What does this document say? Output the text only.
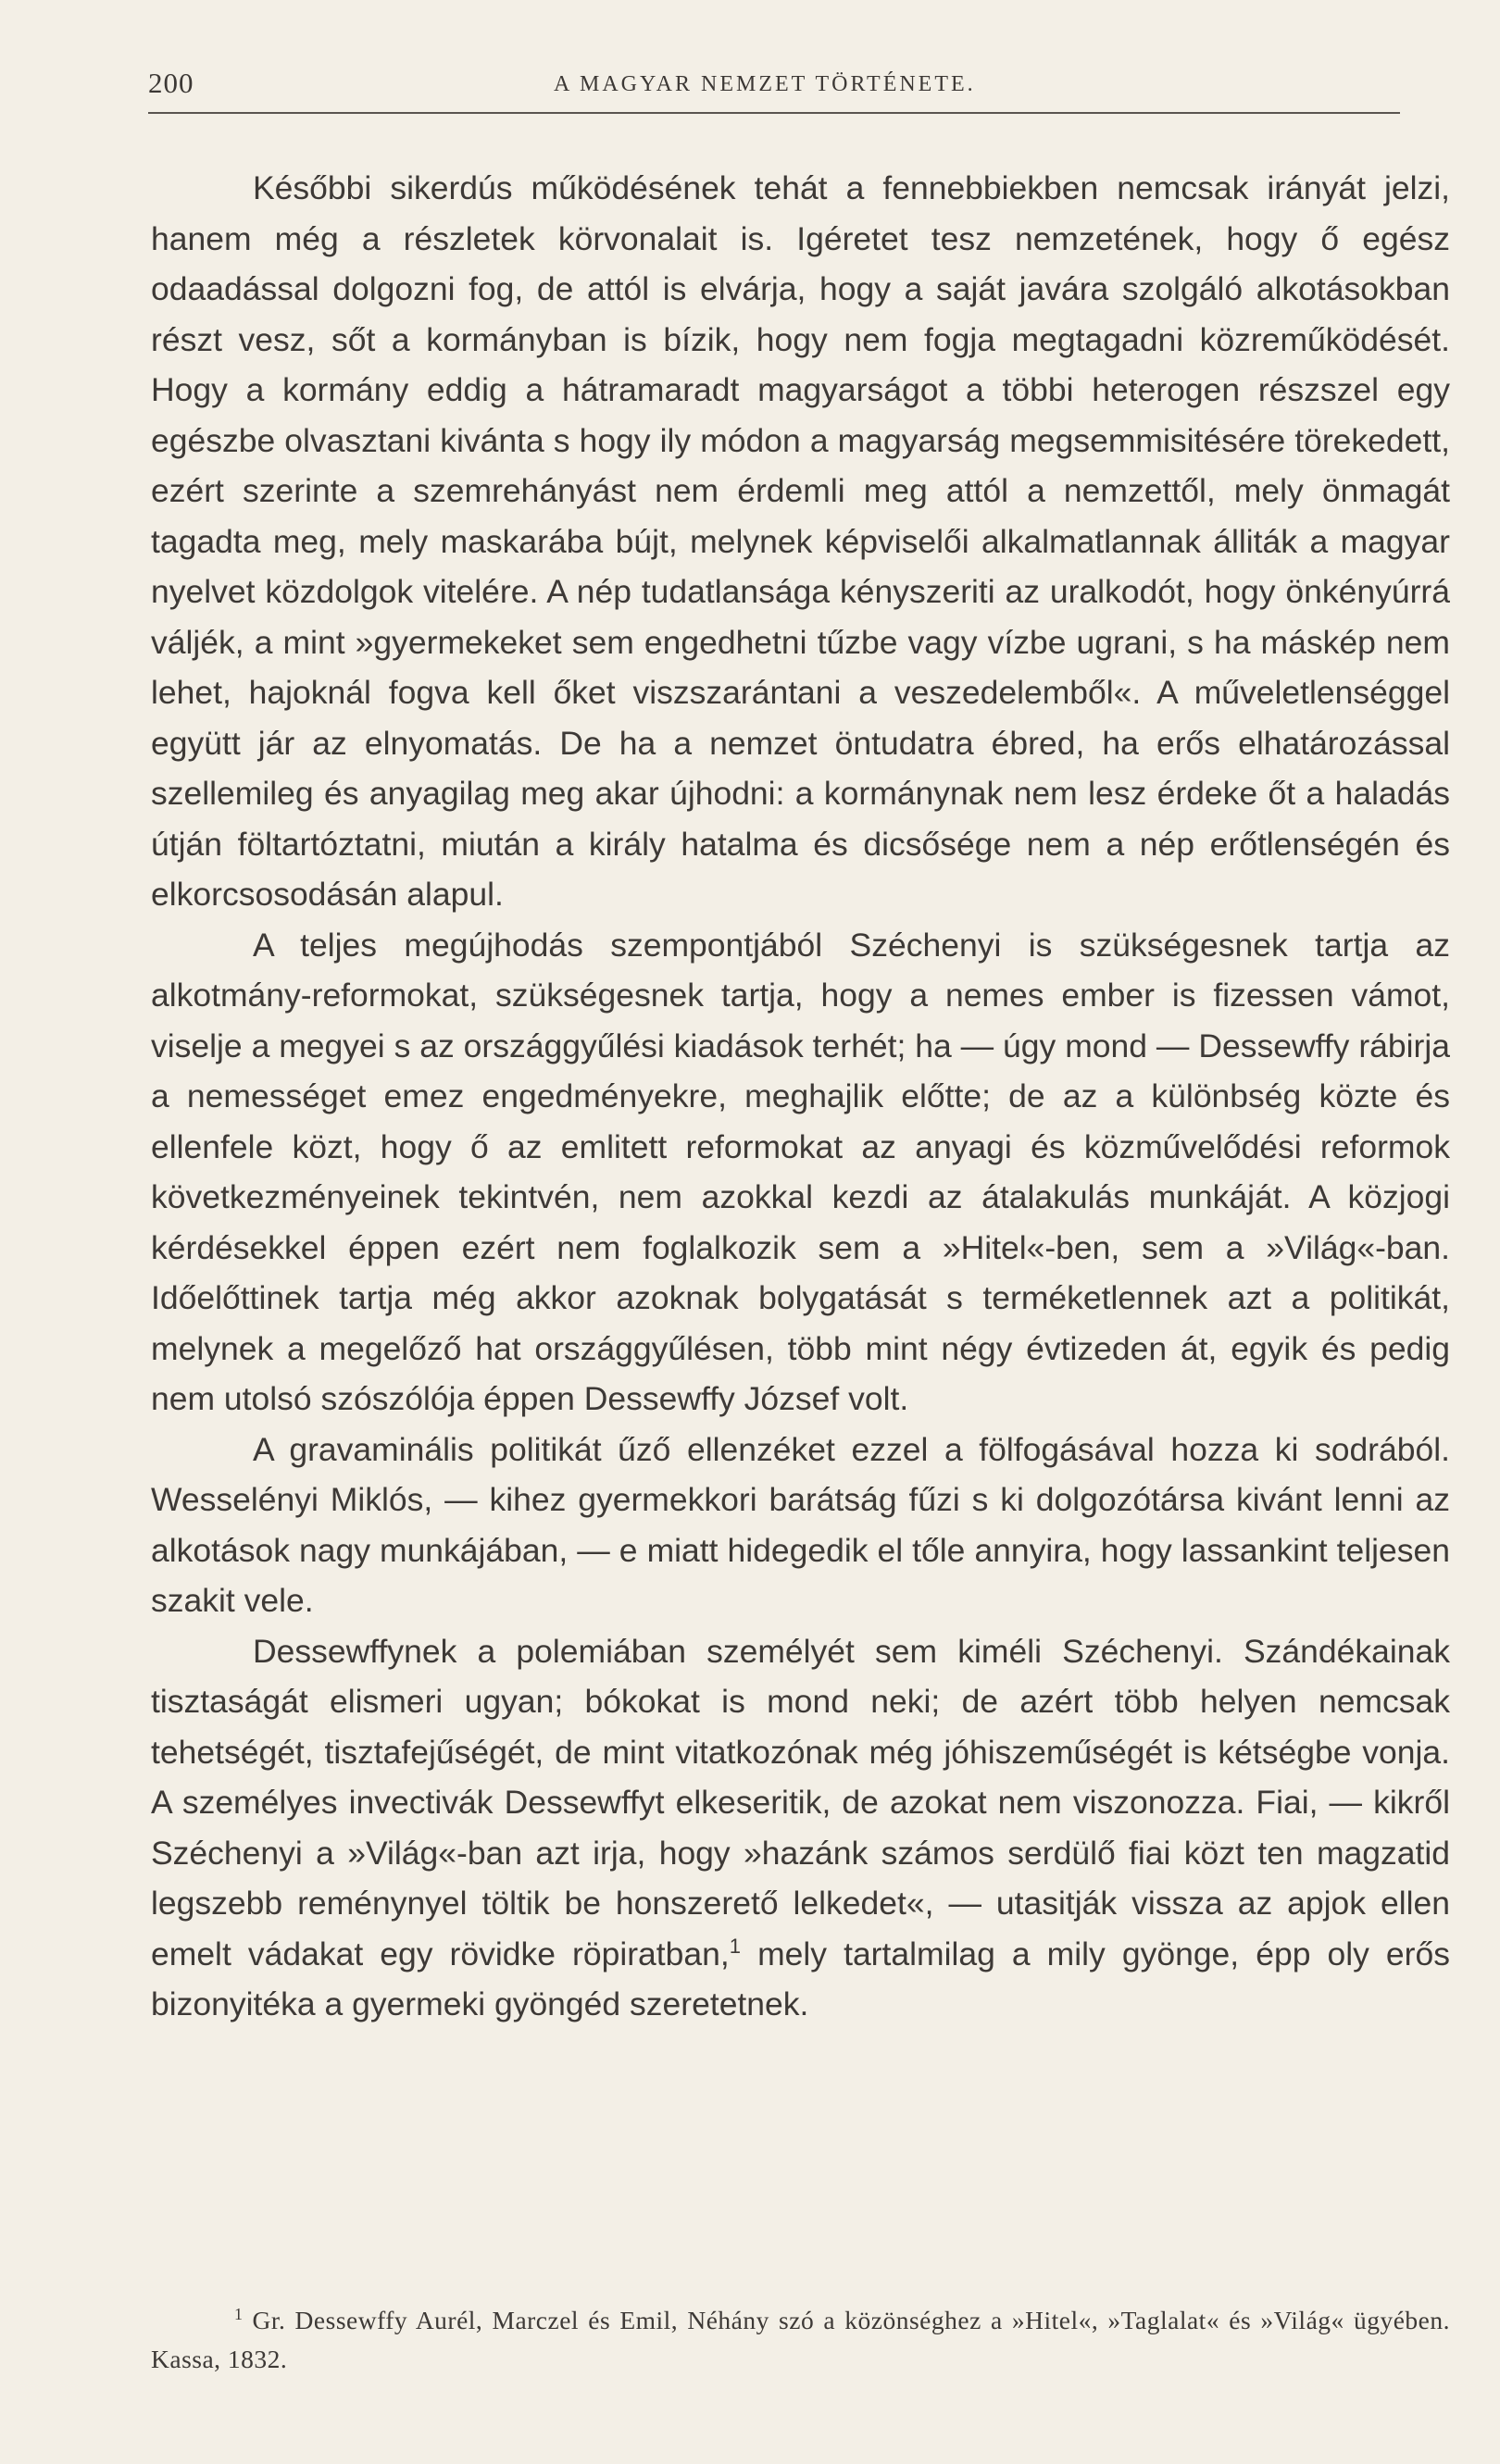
200	A MAGYAR NEMZET TÖRTÉNETE.

Későbbi sikerdús működésének tehát a fennebbiekben nemcsak irányát jelzi, hanem még a részletek körvonalait is. Igéretet tesz nemzetének, hogy ő egész odaadással dolgozni fog, de attól is elvárja, hogy a saját javára szolgáló alkotásokban részt vesz, sőt a kormányban is bízik, hogy nem fogja megtagadni közreműködését. Hogy a kormány eddig a hátramaradt magyarságot a többi heterogen részszel egy egészbe olvasztani kivánta s hogy ily módon a magyarság megsemmisitésére törekedett, ezért szerinte a szemrehányást nem érdemli meg attól a nemzettől, mely önmagát tagadta meg, mely maskarába bújt, melynek képviselői alkalmatlannak álliták a magyar nyelvet közdolgok vitelére. A nép tudatlansága kényszeriti az uralkodót, hogy önkényúrrá váljék, a mint »gyermekeket sem engedhetni tűzbe vagy vízbe ugrani, s ha máskép nem lehet, hajoknál fogva kell őket viszszarántani a veszedelemből«. A műveletlenséggel együtt jár az elnyomatás. De ha a nemzet öntudatra ébred, ha erős elhatározással szellemileg és anyagilag meg akar újhodni: a kormánynak nem lesz érdeke őt a haladás útján föltartóztatni, miután a király hatalma és dicsősége nem a nép erőtlenségén és elkorcsosodásán alapul.

A teljes megújhodás szempontjából Széchenyi is szükségesnek tartja az alkotmány-reformokat, szükségesnek tartja, hogy a nemes ember is fizessen vámot, viselje a megyei s az országgyűlési kiadások terhét; ha — úgy mond — Dessewffy rábirja a nemességet emez engedményekre, meghajlik előtte; de az a különbség közte és ellenfele közt, hogy ő az emlitett reformokat az anyagi és közművelődési reformok következményeinek tekintvén, nem azokkal kezdi az átalakulás munkáját. A közjogi kérdésekkel éppen ezért nem foglalkozik sem a »Hitel«-ben, sem a »Világ«-ban. Időelőttinek tartja még akkor azoknak bolygatását s terméketlennek azt a politikát, melynek a megelőző hat országgyűlésen, több mint négy évtizeden át, egyik és pedig nem utolsó szószólója éppen Dessewffy József volt.

A gravaminális politikát űző ellenzéket ezzel a fölfogásával hozza ki sodrából. Wesselényi Miklós, — kihez gyermekkori barátság fűzi s ki dolgozótársa kivánt lenni az alkotások nagy munkájában, — e miatt hidegedik el tőle annyira, hogy lassankint teljesen szakit vele.

Dessewffynek a polemiában személyét sem kiméli Széchenyi. Szándékainak tisztaságát elismeri ugyan; bókokat is mond neki; de azért több helyen nemcsak tehetségét, tisztafejűségét, de mint vitatkozónak még jóhiszeműségét is kétségbe vonja. A személyes invectivák Dessewffyt elkeseritik, de azokat nem viszonozza. Fiai, — kikről Széchenyi a »Világ«-ban azt irja, hogy »hazánk számos serdülő fiai közt ten magzatid legszebb reménynyel töltik be honszerető lelkedet«, — utasitják vissza az apjok ellen emelt vádakat egy rövidke röpiratban,$^1$ mely tartalmilag a mily gyönge, épp oly erős bizonyitéka a gyermeki gyöngéd szeretetnek.

$^1$ Gr. Dessewffy Aurél, Marczel és Emil, Néhány szó a közönséghez a »Hitel«, »Taglalat« és »Világ« ügyében. Kassa, 1832.
